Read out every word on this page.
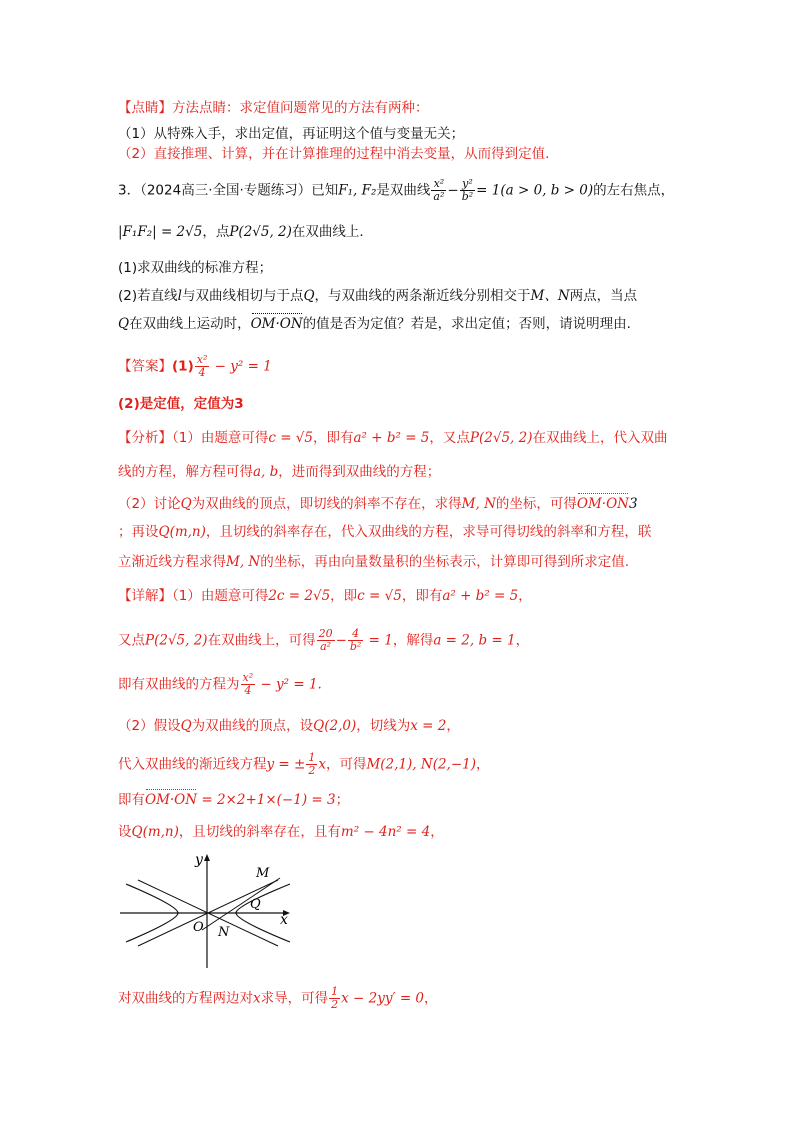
【点睛】方法点睛：求定值问题常见的方法有两种：
（1）从特殊入手，求出定值，再证明这个值与变量无关；
（2）直接推理、计算，并在计算推理的过程中消去变量，从而得到定值.
3．（2024高三·全国·专题练习）已知F₁, F₂是双曲线 $\frac{\text{x²}}{\text{a²}} - \frac{\text{y²}}{\text{b²}} = 1(a > 0$, b > 0)的左右焦点，
|F₁F₂| = 2√5，点P(2√5, 2)在双曲线上.
(1)求双曲线的标准方程；
(2)若直线l与双曲线相切与于点Q，与双曲线的两条渐近线分别相交于M、N两点，当点
Q在双曲线上运动时，OM·ON的值是否为定值？若是，求出定值；否则，请说明理由.
【答案】$(1) \frac{\text{x²}}{4} - y^2 = 1$
(2)是定值，定值为3
【分析】（1）由题意可得c = √5，即有a² + b² = 5，又点P(2√5, 2)在双曲线上，代入双曲
线的方程，解方程可得a, b，进而得到双曲线的方程；
（2）讨论Q为双曲线的顶点，即切线的斜率不存在，求得M, N的坐标，可得OM·ON3
；再设Q(m,n)，且切线的斜率存在，代入双曲线的方程，求导可得切线的斜率和方程，联
立渐近线方程求得M, N的坐标，再由向量数量积的坐标表示，计算即可得到所求定值.
【详解】（1）由题意可得2c = 2√5，即c = √5，即有a² + b² = 5，
又点P(2√5, 2)在双曲线上，可得 $\frac{20}{\text{a²}} - \frac{4}{\text{b²}} = 1$，解得a = 2, b = 1，
即有双曲线的方程为 $\frac{\text{x²}}{4} - y^2 = 1$.
（2）假设Q为双曲线的顶点，设Q(2,0)，切线为x = 2，
代入双曲线的渐近线方程y = ± $\frac{1}{2}$ x，可得M(2,1), N(2,−1)，
即有OM·ON = 2×2+1×(−1) = 3；
设Q(m,n)，且切线的斜率存在，且有m² − 4n² = 4，
y
x
O
M
Q
N
对双曲线的方程两边对x求导，可得 $\frac{1}{2}$ x − 2yy′ = 0，
